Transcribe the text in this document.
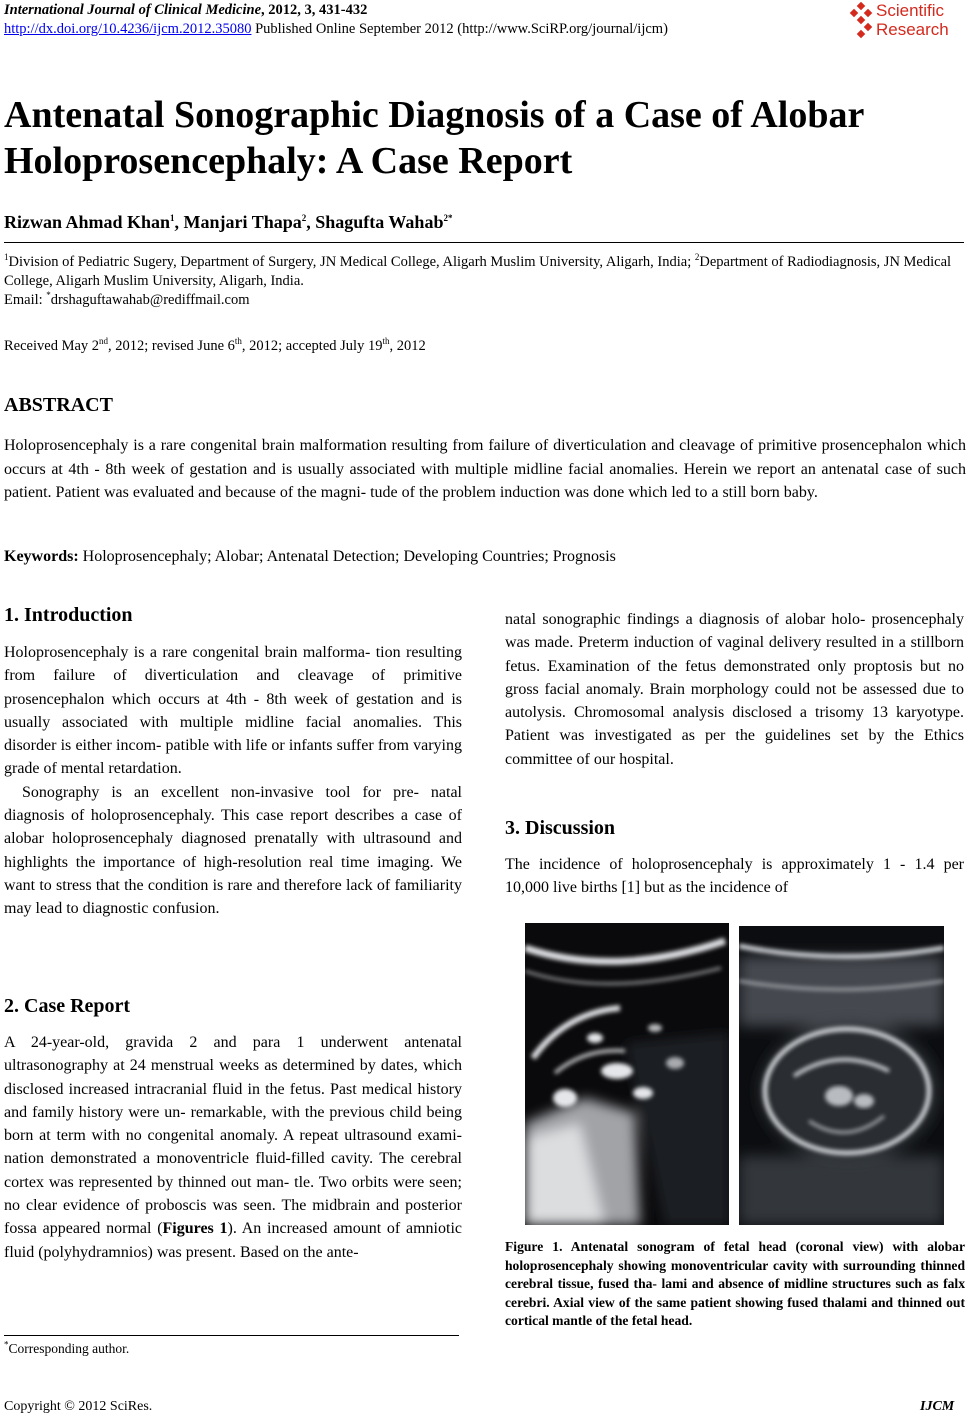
International Journal of Clinical Medicine, 2012, 3, 431-432
http://dx.doi.org/10.4236/ijcm.2012.35080 Published Online September 2012 (http://www.SciRP.org/journal/ijcm)
Scientific
Research
Antenatal Sonographic Diagnosis of a Case of Alobar
Holoprosencephaly: A Case Report
Rizwan Ahmad Khan$^1$, Manjari Thapa$^2$, Shagufta Wahab$^{2*}$
$^1$Division of Pediatric Sugery, Department of Surgery, JN Medical College, Aligarh Muslim University, Aligarh, India; $^2$Department of Radiodiagnosis, JN Medical College, Aligarh Muslim University, Aligarh, India.
Email: *drshaguftawahab@rediffmail.com
Received May 2nd, 2012; revised June 6th, 2012; accepted July 19th, 2012
ABSTRACT
Holoprosencephaly is a rare congenital brain malformation resulting from failure of diverticulation and cleavage of primitive prosencephalon which occurs at 4th - 8th week of gestation and is usually associated with multiple midline facial anomalies. Herein we report an antenatal case of such patient. Patient was evaluated and because of the magni- tude of the problem induction was done which led to a still born baby.
Keywords: Holoprosencephaly; Alobar; Antenatal Detection; Developing Countries; Prognosis
1. Introduction

Holoprosencephaly is a rare congenital brain malforma- tion resulting from failure of diverticulation and cleavage of primitive prosencephalon which occurs at 4th - 8th week of gestation and is usually associated with multiple midline facial anomalies. This disorder is either incom- patible with life or infants suffer from varying grade of mental retardation.

Sonography is an excellent non-invasive tool for pre- natal diagnosis of holoprosencephaly. This case report describes a case of alobar holoprosencephaly diagnosed prenatally with ultrasound and highlights the importance of high-resolution real time imaging. We want to stress that the condition is rare and therefore lack of familiarity may lead to diagnostic confusion.

2. Case Report

A 24-year-old, gravida 2 and para 1 underwent antenatal ultrasonography at 24 menstrual weeks as determined by dates, which disclosed increased intracranial fluid in the fetus. Past medical history and family history were un- remarkable, with the previous child being born at term with no congenital anomaly. A repeat ultrasound exami- nation demonstrated a monoventricle fluid-filled cavity. The cerebral cortex was represented by thinned out man- tle. Two orbits were seen; no clear evidence of proboscis was seen. The midbrain and posterior fossa appeared normal (Figures 1). An increased amount of amniotic fluid (polyhydramnios) was present. Based on the ante-

natal sonographic findings a diagnosis of alobar holo- prosencephaly was made. Preterm induction of vaginal delivery resulted in a stillborn fetus. Examination of the fetus demonstrated only proptosis but no gross facial anomaly. Brain morphology could not be assessed due to autolysis. Chromosomal analysis disclosed a trisomy 13 karyotype. Patient was investigated as per the guidelines set by the Ethics committee of our hospital.

3. Discussion

The incidence of holoprosencephaly is approximately 1 - 1.4 per 10,000 live births [1] but as the incidence of

Figure 1. Antenatal sonogram of fetal head (coronal view) with alobar holoprosencephaly showing monoventricular cavity with surrounding thinned cerebral tissue, fused tha- lami and absence of midline structures such as falx cerebri. Axial view of the same patient showing fused thalami and thinned out cortical mantle of the fetal head.
*Corresponding author.
Copyright © 2012 SciRes.	IJCM
